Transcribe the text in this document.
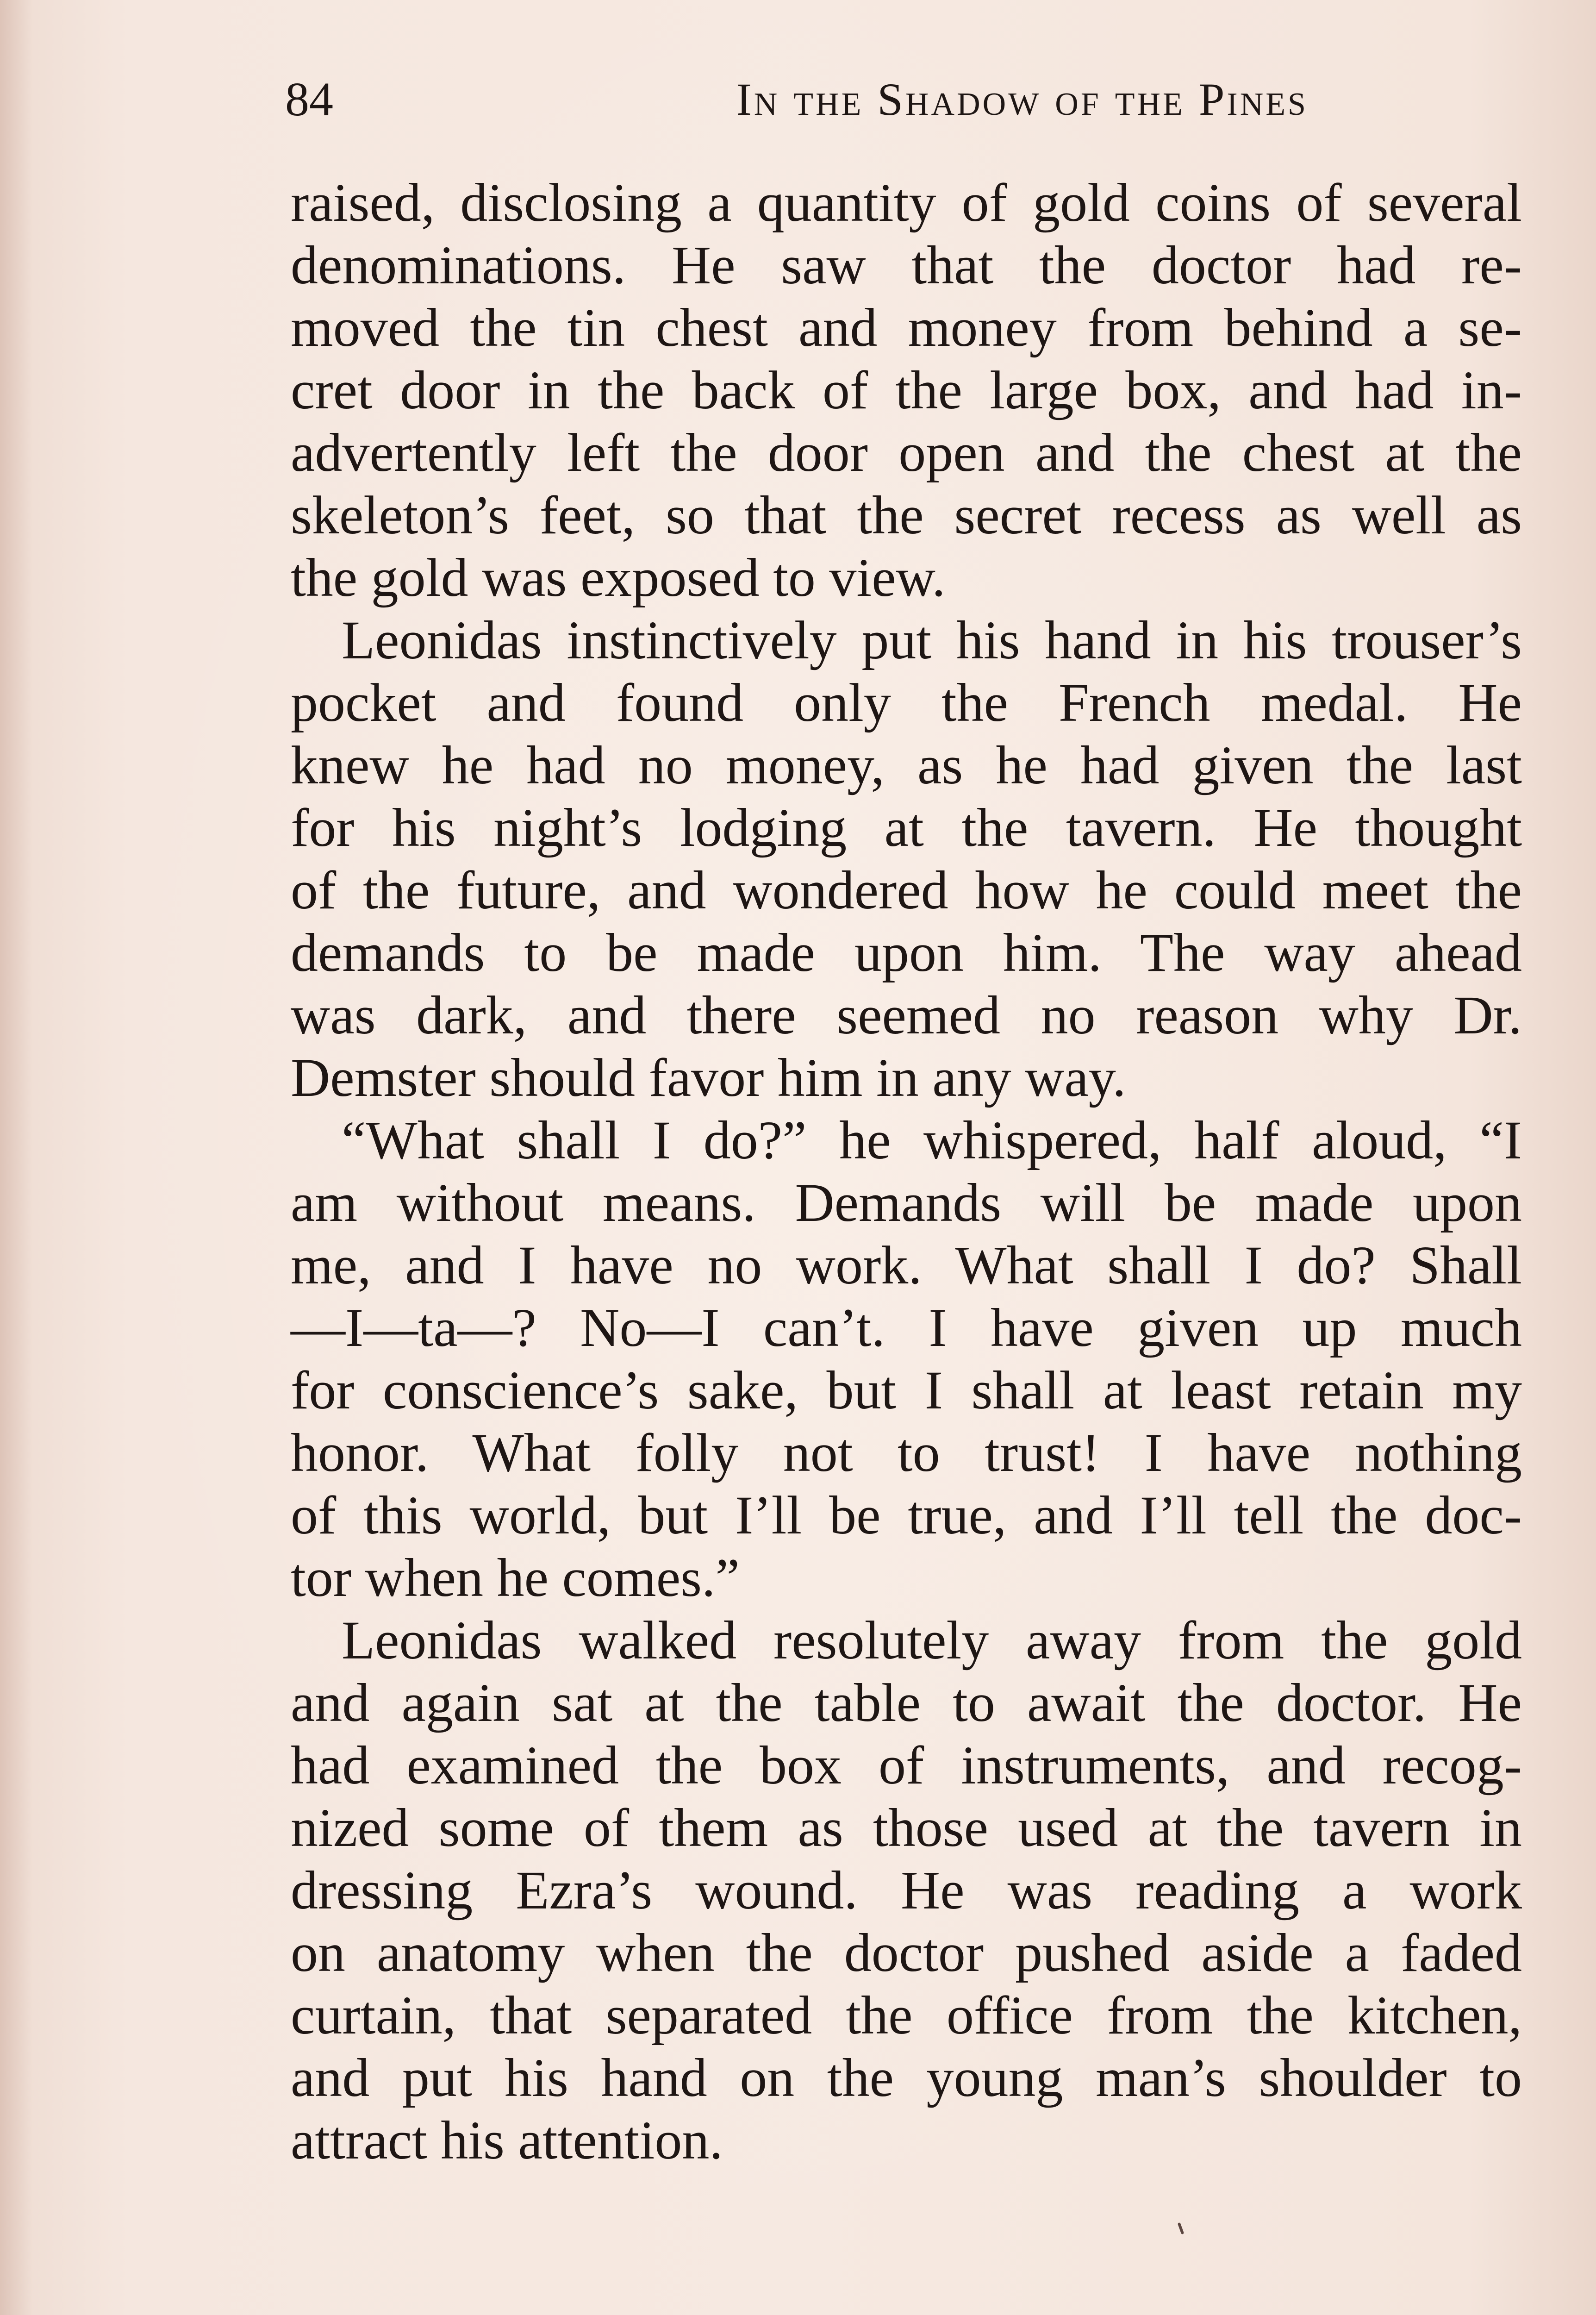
84	In the Shadow of the Pines
raised, disclosing a quantity of gold coins of several
denominations. He saw that the doctor had re-
moved the tin chest and money from behind a se-
cret door in the back of the large box, and had in-
advertently left the door open and the chest at the
skeleton’s feet, so that the secret recess as well as
the gold was exposed to view.
Leonidas instinctively put his hand in his trouser’s
pocket and found only the French medal. He
knew he had no money, as he had given the last
for his night’s lodging at the tavern. He thought
of the future, and wondered how he could meet the
demands to be made upon him. The way ahead
was dark, and there seemed no reason why Dr.
Demster should favor him in any way.
“What shall I do?” he whispered, half aloud, “I
am without means. Demands will be made upon
me, and I have no work. What shall I do? Shall
—I—ta—? No—I can’t. I have given up much
for conscience’s sake, but I shall at least retain my
honor. What folly not to trust! I have nothing
of this world, but I’ll be true, and I’ll tell the doc-
tor when he comes.”
Leonidas walked resolutely away from the gold
and again sat at the table to await the doctor. He
had examined the box of instruments, and recog-
nized some of them as those used at the tavern in
dressing Ezra’s wound. He was reading a work
on anatomy when the doctor pushed aside a faded
curtain, that separated the office from the kitchen,
and put his hand on the young man’s shoulder to
attract his attention.
